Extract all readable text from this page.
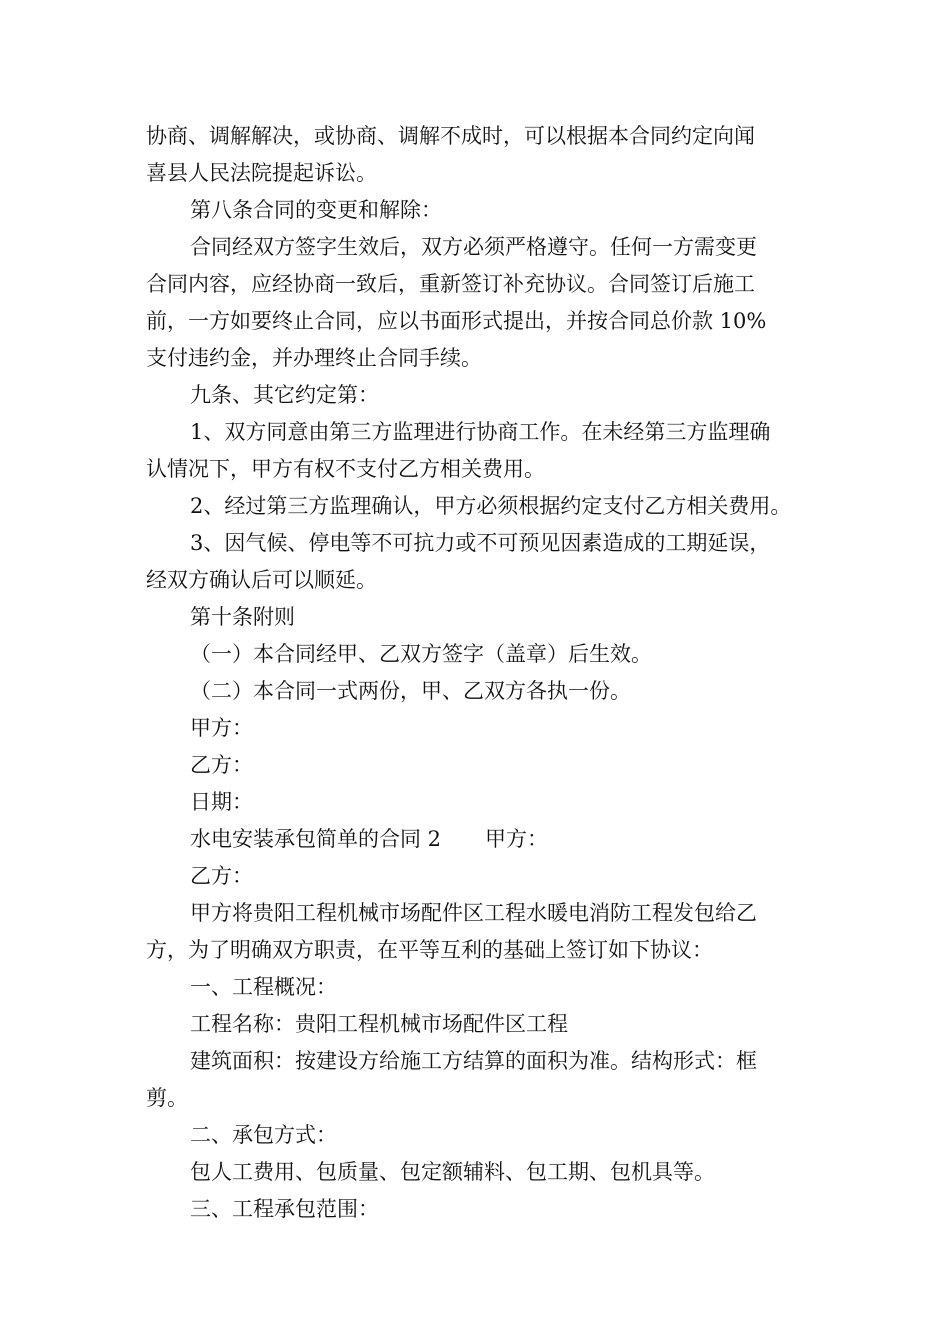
协商、调解解决，或协商、调解不成时，可以根据本合同约定向闻
喜县人民法院提起诉讼。
第八条合同的变更和解除：
合同经双方签字生效后，双方必须严格遵守。任何一方需变更
合同内容，应经协商一致后，重新签订补充协议。合同签订后施工
前，一方如要终止合同，应以书面形式提出，并按合同总价款 10%
支付违约金，并办理终止合同手续。
九条、其它约定第：
1、双方同意由第三方监理进行协商工作。在未经第三方监理确
认情况下，甲方有权不支付乙方相关费用。
2、经过第三方监理确认，甲方必须根据约定支付乙方相关费用。
3、因气候、停电等不可抗力或不可预见因素造成的工期延误，
经双方确认后可以顺延。
第十条附则
（一）本合同经甲、乙双方签字（盖章）后生效。
（二）本合同一式两份，甲、乙双方各执一份。
甲方：
乙方：
日期：
水电安装承包简单的合同 2 甲方：
乙方：
甲方将贵阳工程机械市场配件区工程水暖电消防工程发包给乙
方，为了明确双方职责，在平等互利的基础上签订如下协议：
一、工程概况：
工程名称：贵阳工程机械市场配件区工程
建筑面积：按建设方给施工方结算的面积为准。结构形式：框
剪。
二、承包方式：
包人工费用、包质量、包定额辅料、包工期、包机具等。
三、工程承包范围：
